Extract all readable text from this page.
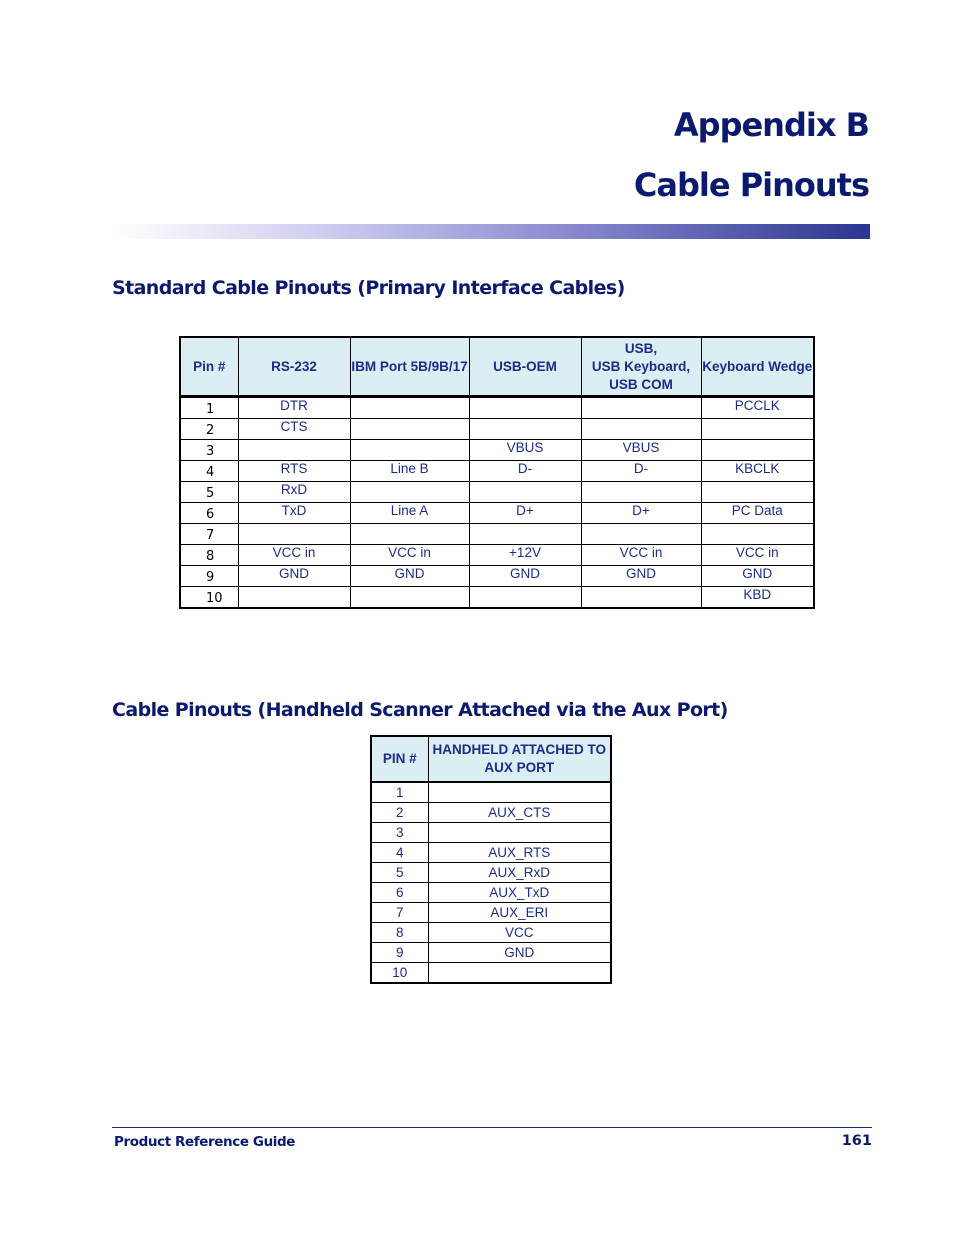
Appendix B
Cable Pinouts
Standard Cable Pinouts (Primary Interface Cables)
Pin #	RS-232	IBM Port 5B/9B/17	USB-OEM	USB,
USB Keyboard,
USB COM	Keyboard Wedge
1	DTR				PCCLK
2	CTS				
3			VBUS	VBUS	
4	RTS	Line B	D-	D-	KBCLK
5	RxD				
6	TxD	Line A	D+	D+	PC Data
7					
8	VCC in	VCC in	+12V	VCC in	VCC in
9	GND	GND	GND	GND	GND
10					KBD
Cable Pinouts (Handheld Scanner Attached via the Aux Port)
PIN #	HANDHELD ATTACHED TO AUX PORT
1	
2	AUX_CTS
3	
4	AUX_RTS
5	AUX_RxD
6	AUX_TxD
7	AUX_ERI
8	VCC
9	GND
10	
Product Reference Guide	161
